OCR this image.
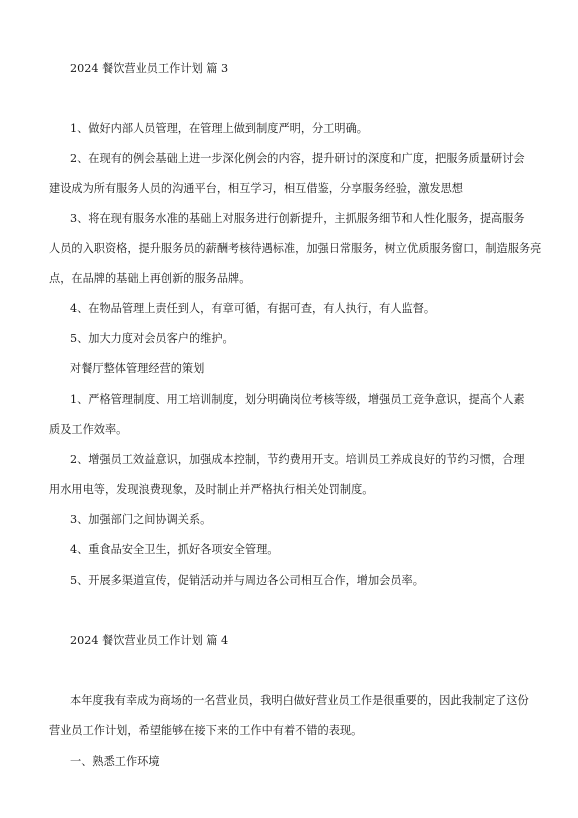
2024 餐饮营业员工作计划 篇 3
1、做好内部人员管理，在管理上做到制度严明，分工明确。
2、在现有的例会基础上进一步深化例会的内容，提升研讨的深度和广度，把服务质量研讨会
建设成为所有服务人员的沟通平台，相互学习，相互借鉴，分享服务经验，激发思想
3、将在现有服务水准的基础上对服务进行创新提升，主抓服务细节和人性化服务，提高服务
人员的入职资格，提升服务员的薪酬考核待遇标准，加强日常服务，树立优质服务窗口，制造服务亮
点，在品牌的基础上再创新的服务品牌。
4、在物品管理上责任到人，有章可循，有据可查，有人执行，有人监督。
5、加大力度对会员客户的维护。
对餐厅整体管理经营的策划
1、严格管理制度、用工培训制度，划分明确岗位考核等级，增强员工竞争意识，提高个人素
质及工作效率。
2、增强员工效益意识，加强成本控制，节约费用开支。培训员工养成良好的节约习惯，合理
用水用电等，发现浪费现象，及时制止并严格执行相关处罚制度。
3、加强部门之间协调关系。
4、重食品安全卫生，抓好各项安全管理。
5、开展多渠道宣传，促销活动并与周边各公司相互合作，增加会员率。
2024 餐饮营业员工作计划 篇 4
本年度我有幸成为商场的一名营业员，我明白做好营业员工作是很重要的，因此我制定了这份
营业员工作计划，希望能够在接下来的工作中有着不错的表现。
一、熟悉工作环境
